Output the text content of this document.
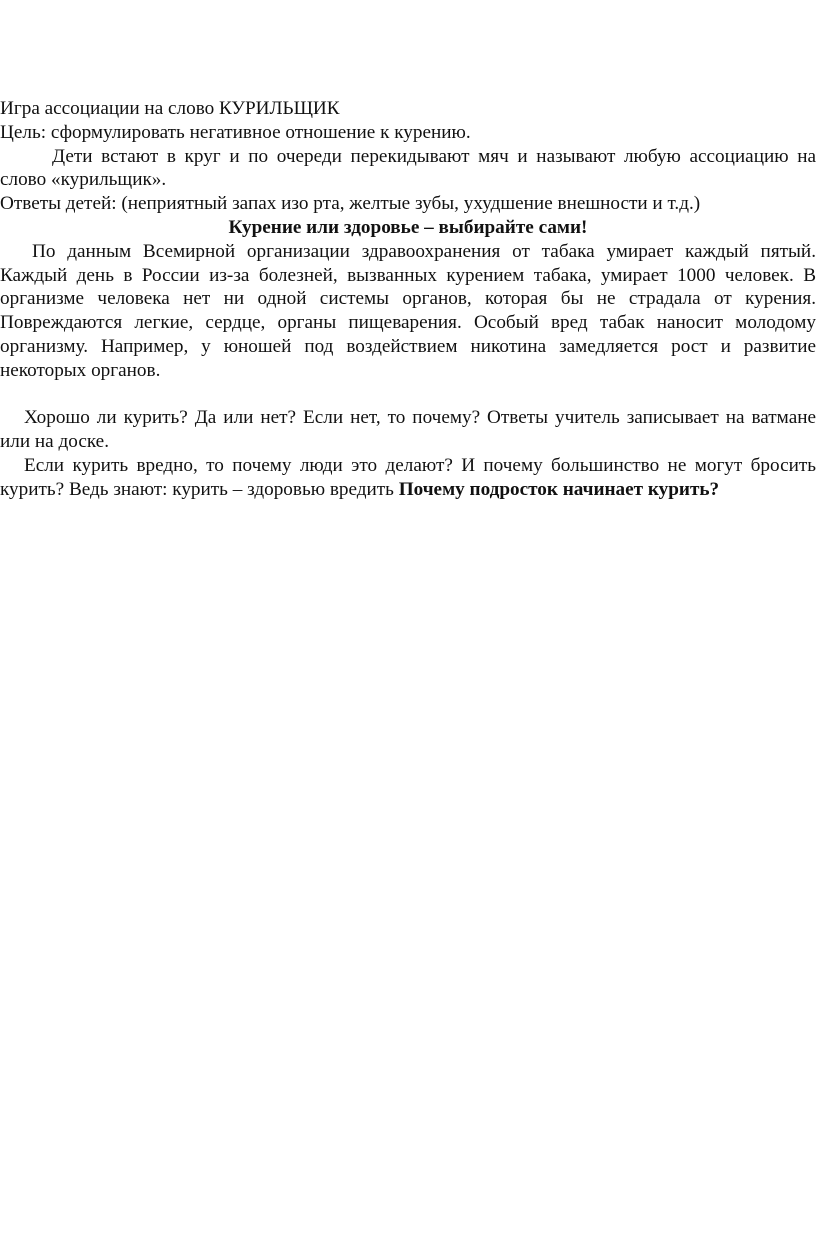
Игра ассоциации на слово КУРИЛЬЩИК

Цель: сформулировать негативное отношение к курению.

Дети встают в круг и по очереди перекидывают мяч и называют любую ассоциацию на слово «курильщик».

Ответы детей: (неприятный запах изо рта, желтые зубы, ухудшение внешности и т.д.)

Курение или здоровье – выбирайте сами!

По данным Всемирной организации здравоохранения от табака умирает каждый пятый. Каждый день в России из-за болезней, вызванных курением табака, умирает 1000 человек. В организме человека нет ни одной системы органов, которая бы не страдала от курения. Повреждаются легкие, сердце, органы пищеварения. Особый вред табак наносит молодому организму. Например, у юношей под воздействием никотина замедляется рост и развитие некоторых органов.

Хорошо ли курить? Да или нет? Если нет, то почему? Ответы учитель записывает на ватмане или на доске.

Если курить вредно, то почему люди это делают? И почему большинство не могут бросить курить? Ведь знают: курить – здоровью вредить Почему подросток начинает курить?
